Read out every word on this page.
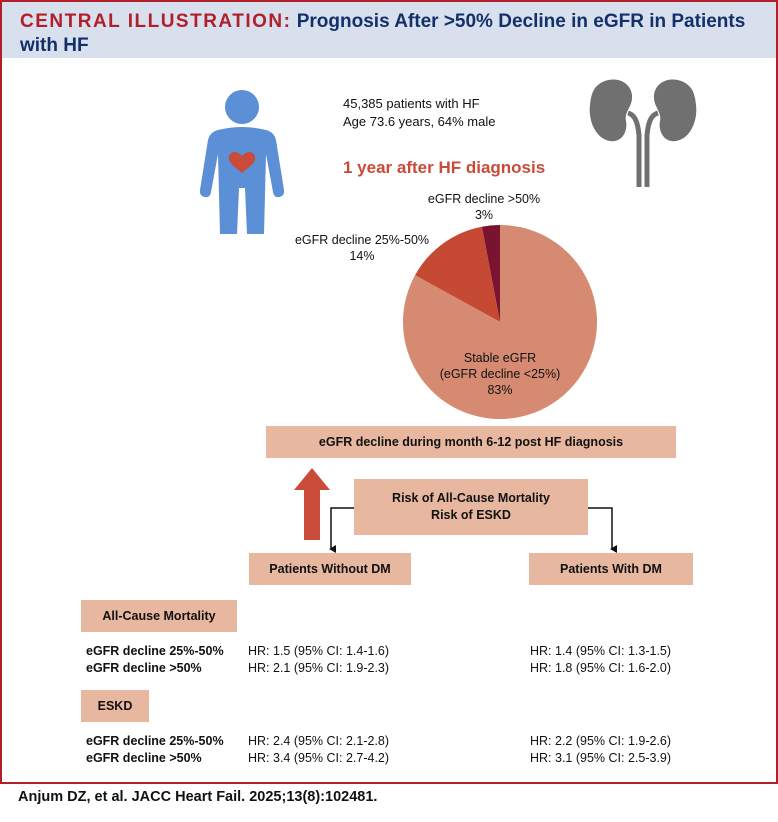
CENTRAL ILLUSTRATION: Prognosis After >50% Decline in eGFR in Patients with HF
45,385 patients with HF
Age 73.6 years, 64% male
1 year after HF diagnosis
eGFR decline >50%
3%
eGFR decline 25%-50%
14%
Stable eGFR
(eGFR decline <25%)
83%
eGFR decline during month 6-12 post HF diagnosis
Risk of All-Cause Mortality
Risk of ESKD
Patients Without DM	Patients With DM
All-Cause Mortality
eGFR decline 25%-50% HR: 1.5 (95% CI: 1.4-1.6)	HR: 1.4 (95% CI: 1.3-1.5)
eGFR decline >50%	HR: 2.1 (95% CI: 1.9-2.3)	HR: 1.8 (95% CI: 1.6-2.0)
ESKD
eGFR decline 25%-50% HR: 2.4 (95% CI: 2.1-2.8)	HR: 2.2 (95% CI: 1.9-2.6)
eGFR decline >50%	HR: 3.4 (95% CI: 2.7-4.2)	HR: 3.1 (95% CI: 2.5-3.9)
Anjum DZ, et al. JACC Heart Fail. 2025;13(8):102481.
